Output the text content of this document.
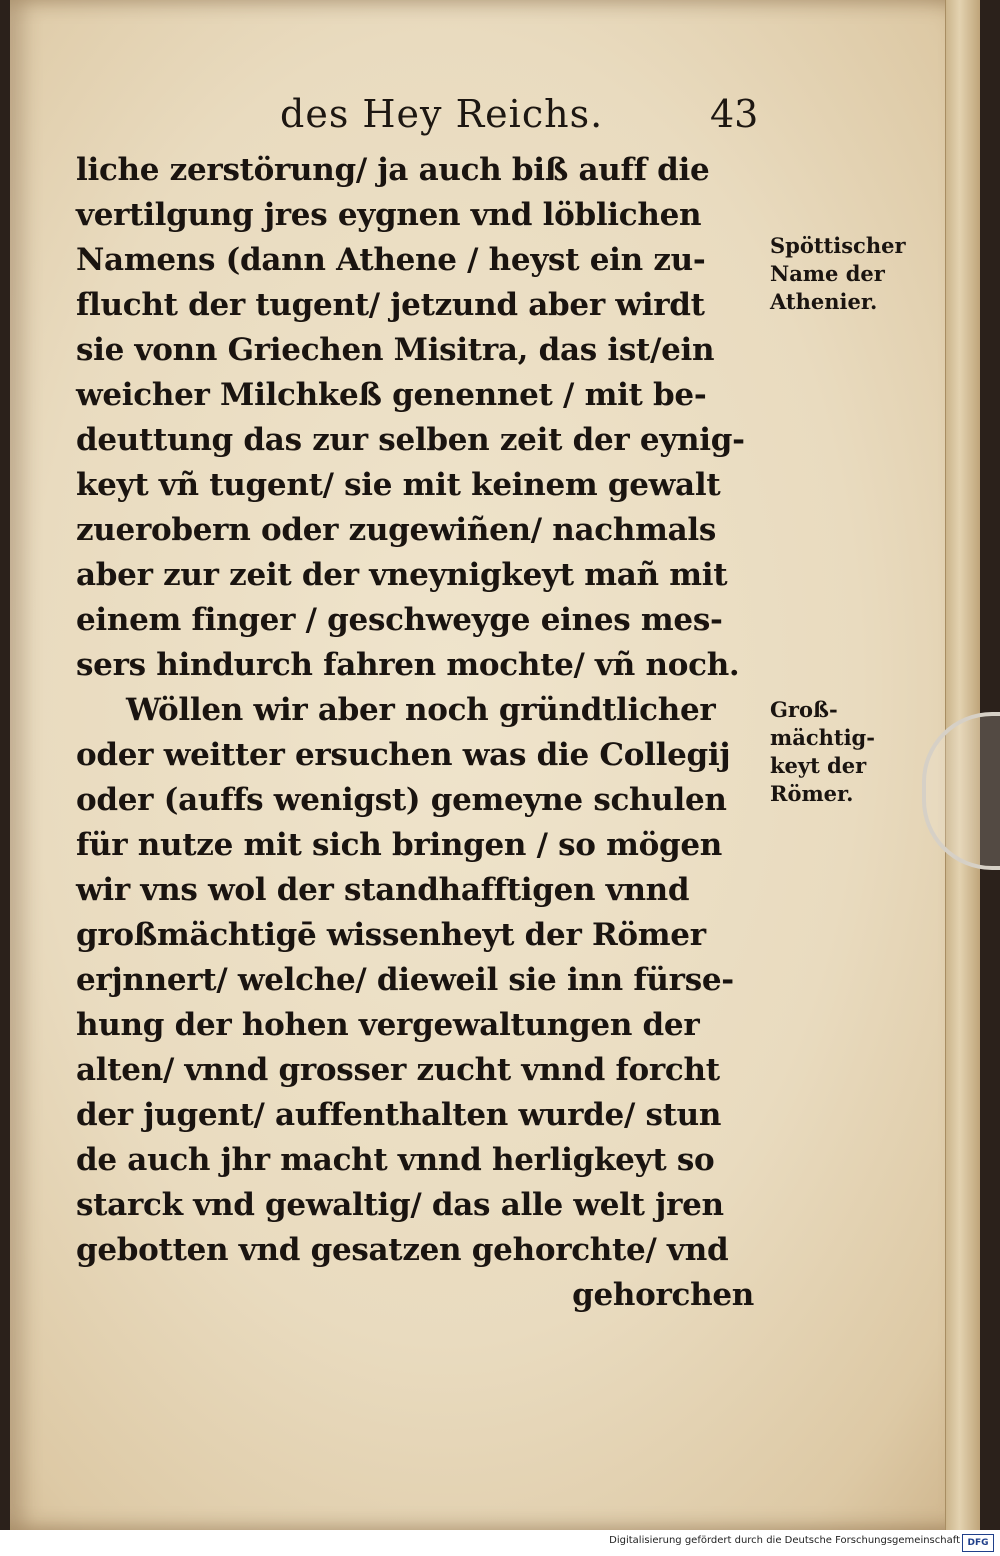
des Hey Reichs.	43
liche zerstörung/ ja auch biß auff die
vertilgung jres eygnen vnd löblichen
Namens (dann Athene / heyst ein zu-
flucht der tugent/ jetzund aber wirdt
sie vonn Griechen Misitra, das ist/ein
weicher Milchkeß genennet / mit be-
deuttung das zur selben zeit der eynig-
keyt vñ tugent/ sie mit keinem gewalt
zuerobern oder zugewiñen/ nachmals
aber zur zeit der vneynigkeyt mañ mit
einem finger / geschweyge eines mes-
sers hindurch fahren mochte/ vñ noch.
Wöllen wir aber noch gründtlicher
oder weitter ersuchen was die Collegij
oder (auffs wenigst) gemeyne schulen
für nutze mit sich bringen / so mögen
wir vns wol der standhafftigen vnnd
großmächtigē wissenheyt der Römer
erjnnert/ welche/ dieweil sie inn fürse-
hung der hohen vergewaltungen der
alten/ vnnd grosser zucht vnnd forcht
der jugent/ auffenthalten wurde/ stun
de auch jhr macht vnnd herligkeyt so
starck vnd gewaltig/ das alle welt jren
gebotten vnd gesatzen gehorchte/ vnd
gehorchen
Spöttischer
Name der
Athenier.
Groß-
mächtig-
keyt der
Römer.
Digitalisierung gefördert durch die Deutsche Forschungsgemeinschaft DFG
